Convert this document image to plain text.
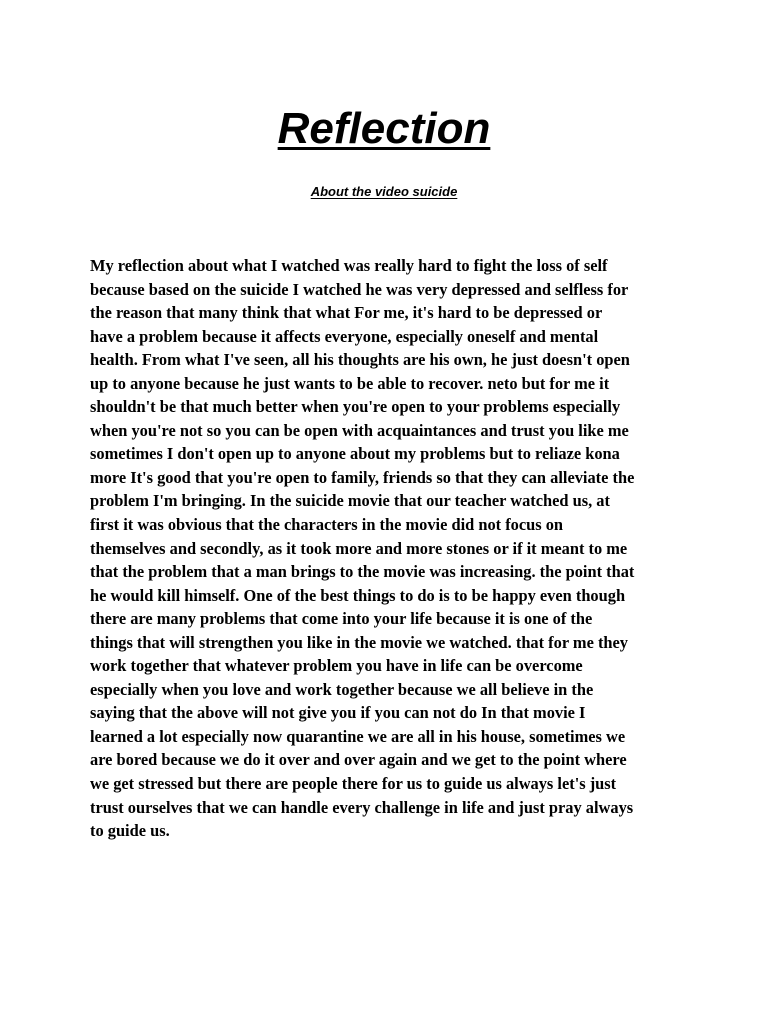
Reflection
About the video suicide
My reflection about what I watched was really hard to fight the loss of self
because based on the suicide I watched he was very depressed and selfless for
the reason that many think that what For me, it's hard to be depressed or
have a problem because it affects everyone, especially oneself and mental
health. From what I've seen, all his thoughts are his own, he just doesn't open
up to anyone because he just wants to be able to recover. neto but for me it
shouldn't be that much better when you're open to your problems especially
when you're not so you can be open with acquaintances and trust you like me
sometimes I don't open up to anyone about my problems but to reliaze kona
more It's good that you're open to family, friends so that they can alleviate the
problem I'm bringing. In the suicide movie that our teacher watched us, at
first it was obvious that the characters in the movie did not focus on
themselves and secondly, as it took more and more stones or if it meant to me
that the problem that a man brings to the movie was increasing. the point that
he would kill himself. One of the best things to do is to be happy even though
there are many problems that come into your life because it is one of the
things that will strengthen you like in the movie we watched. that for me they
work together that whatever problem you have in life can be overcome
especially when you love and work together because we all believe in the
saying that the above will not give you if you can not do In that movie I
learned a lot especially now quarantine we are all in his house, sometimes we
are bored because we do it over and over again and we get to the point where
we get stressed but there are people there for us to guide us always let's just
trust ourselves that we can handle every challenge in life and just pray always
to guide us.
